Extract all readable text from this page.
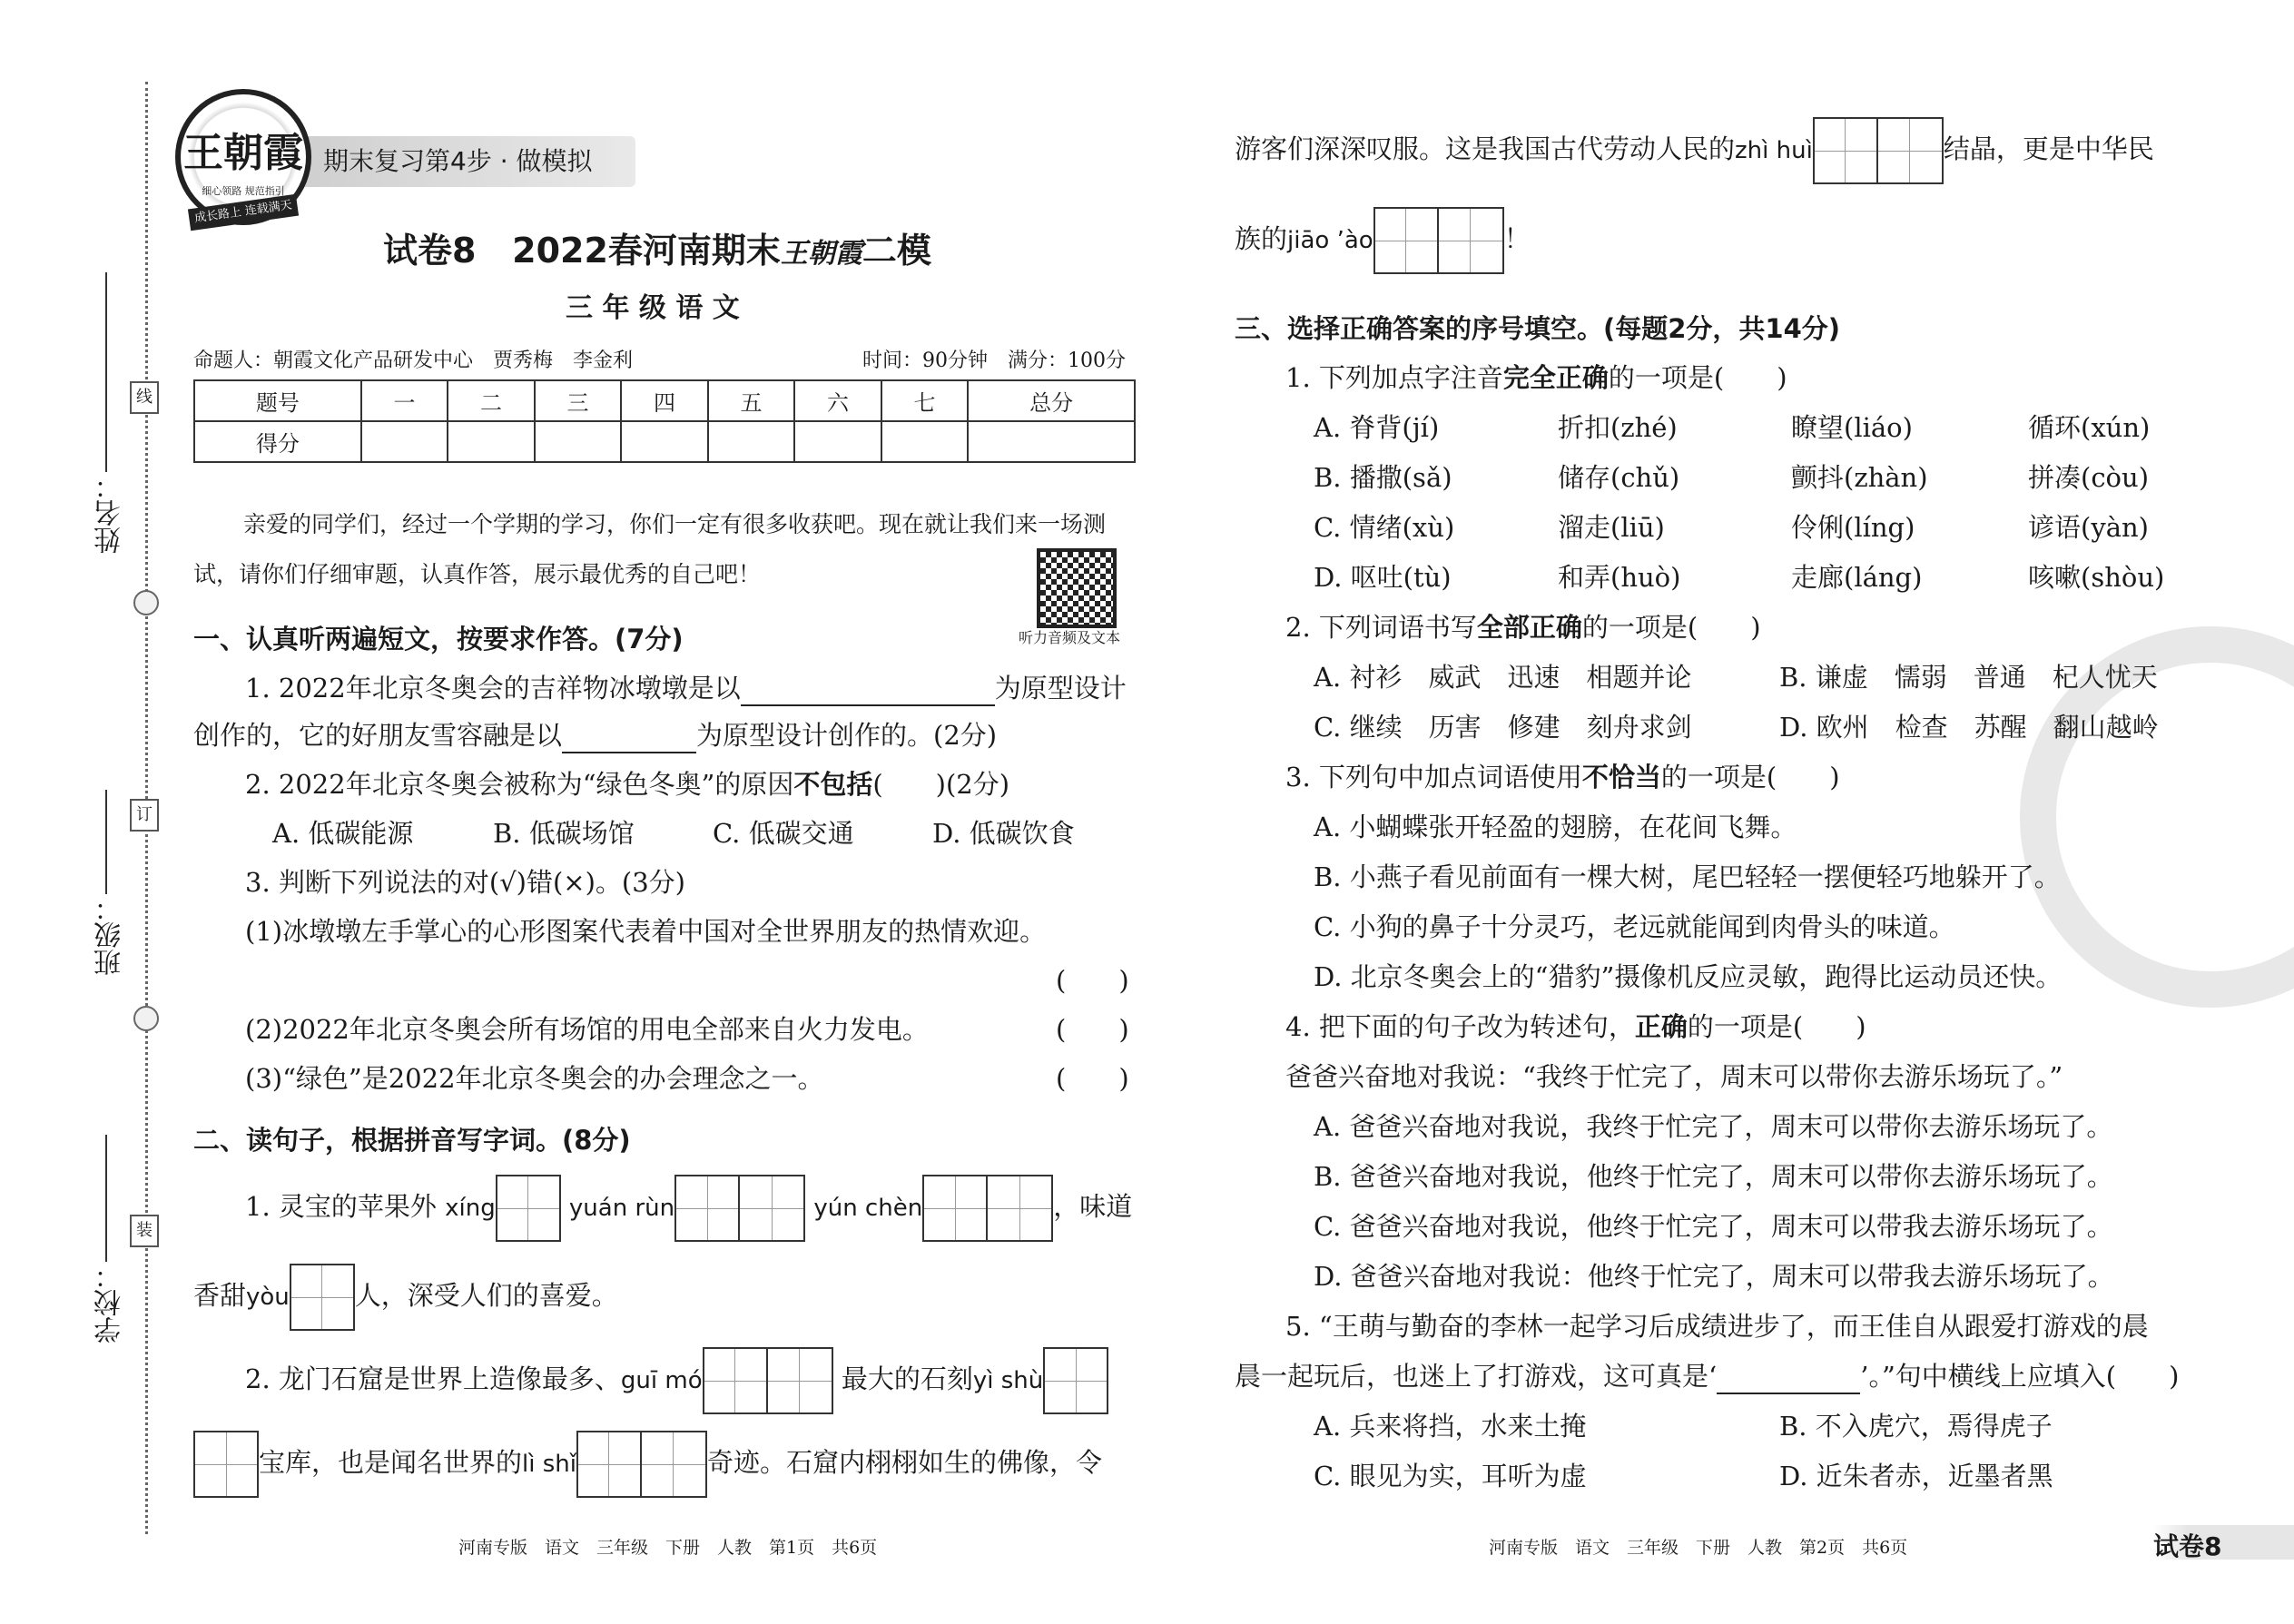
学校：
班级：
姓名：
线
订
装
期末复习第4步 · 做模拟
王朝霞
细心领路 规范指引
成长路上 连载满天
试卷8 2022春河南期末王朝霞二模
三 年 级 语 文
命题人：朝霞文化产品研发中心　贾秀梅　李金利	时间：90分钟　满分：100分
题号	一	二	三	四	五	六	七	总分
得分								
亲爱的同学们，经过一个学期的学习，你们一定有很多收获吧。现在就让我们来一场测
试，请你们仔细审题，认真作答，展示最优秀的自己吧！
听力音频及文本
一、认真听两遍短文，按要求作答。(7分)
1. 2022年北京冬奥会的吉祥物冰墩墩是以	为原型设计
创作的，它的好朋友雪容融是以	为原型设计创作的。(2分)
2. 2022年北京冬奥会被称为“绿色冬奥”的原因不包括(　　)(2分)
A. 低碳能源	B. 低碳场馆	C. 低碳交通	D. 低碳饮食
3. 判断下列说法的对(√)错(×)。(3分)
(1)冰墩墩左手掌心的心形图案代表着中国对全世界朋友的热情欢迎。
(　　)
(2)2022年北京冬奥会所有场馆的用电全部来自火力发电。	(　　)
(3)“绿色”是2022年北京冬奥会的办会理念之一。	(　　)
二、读句子，根据拼音写字词。(8分)
1. 灵宝的苹果外 xíng	yuán rùn	yún chèn	，味道
香甜yòu 人，深受人们的喜爱。
2. 龙门石窟是世界上造像最多、guī mó	最大的石刻yì shù
宝库，也是闻名世界的lì shǐ	奇迹。石窟内栩栩如生的佛像，令
游客们深深叹服。这是我国古代劳动人民的zhì huì	结晶，更是中华民
族的jiāo ’ào	！
三、选择正确答案的序号填空。(每题2分，共14分)
1. 下列加点字注音完全正确的一项是(　　)
A. 脊背(jí)	折扣(zhé)	瞭望(liáo)	循环(xún)
B. 播撒(sǎ)	储存(chǔ)	颤抖(zhàn)	拼凑(còu)
C. 情绪(xù)	溜走(liū)	伶俐(líng)	谚语(yàn)
D. 呕吐(tù)	和弄(huò)	走廊(láng)	咳嗽(shòu)
2. 下列词语书写全部正确的一项是(　　)
A. 衬衫　威武　迅速　相题并论	B. 谦虚　懦弱　普通　杞人忧天
C. 继续　历害　修建　刻舟求剑	D. 欧州　检查　苏醒　翻山越岭
3. 下列句中加点词语使用不恰当的一项是(　　)
A. 小蝴蝶张开轻盈的翅膀，在花间飞舞。
B. 小燕子看见前面有一棵大树，尾巴轻轻一摆便轻巧地躲开了。
C. 小狗的鼻子十分灵巧，老远就能闻到肉骨头的味道。
D. 北京冬奥会上的“猎豹”摄像机反应灵敏，跑得比运动员还快。
4. 把下面的句子改为转述句，正确的一项是(　　)
爸爸兴奋地对我说：“我终于忙完了，周末可以带你去游乐场玩了。”
A. 爸爸兴奋地对我说，我终于忙完了，周末可以带你去游乐场玩了。
B. 爸爸兴奋地对我说，他终于忙完了，周末可以带你去游乐场玩了。
C. 爸爸兴奋地对我说，他终于忙完了，周末可以带我去游乐场玩了。
D. 爸爸兴奋地对我说：他终于忙完了，周末可以带我去游乐场玩了。
5. “王萌与勤奋的李林一起学习后成绩进步了，而王佳自从跟爱打游戏的晨
晨一起玩后，也迷上了打游戏，这可真是‘	’。”句中横线上应填入(　　)
A. 兵来将挡，水来土掩	B. 不入虎穴，焉得虎子
C. 眼见为实，耳听为虚	D. 近朱者赤，近墨者黑
河南专版　语文　三年级　下册　人教　第1页　共6页	河南专版　语文　三年级　下册　人教　第2页　共6页	试卷8
